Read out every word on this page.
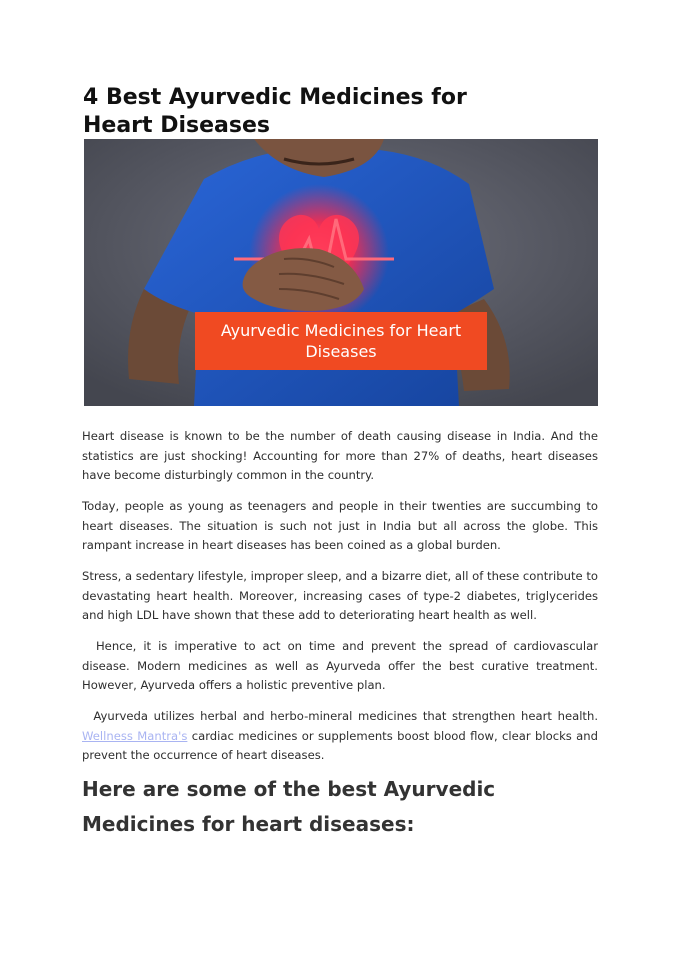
4 Best Ayurvedic Medicines for Heart Diseases
Ayurvedic Medicines for Heart Diseases

Heart disease is known to be the number of death causing disease in India. And the statistics are just shocking! Accounting for more than 27% of deaths, heart diseases have become disturbingly common in the country.

Today, people as young as teenagers and people in their twenties are succumbing to heart diseases. The situation is such not just in India but all across the globe. This rampant increase in heart diseases has been coined as a global burden.

Stress, a sedentary lifestyle, improper sleep, and a bizarre diet, all of these contribute to devastating heart health. Moreover, increasing cases of type-2 diabetes, triglycerides and high LDL have shown that these add to deteriorating heart health as well.

Hence, it is imperative to act on time and prevent the spread of cardiovascular disease. Modern medicines as well as Ayurveda offer the best curative treatment. However, Ayurveda offers a holistic preventive plan.

Ayurveda utilizes herbal and herbo-mineral medicines that strengthen heart health. Wellness Mantra's cardiac medicines or supplements boost blood flow, clear blocks and prevent the occurrence of heart diseases.

Here are some of the best Ayurvedic Medicines for heart diseases:
